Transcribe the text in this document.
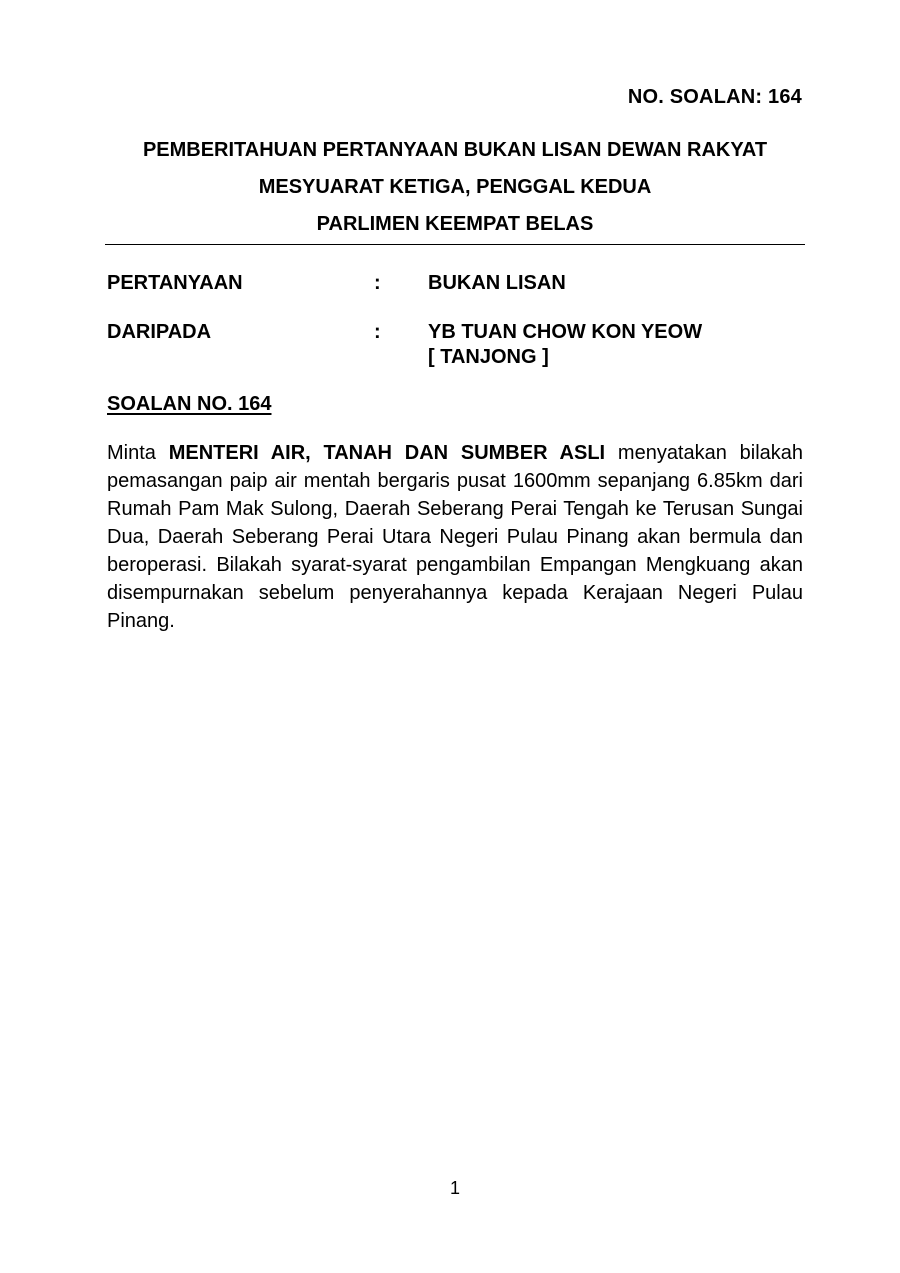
NO. SOALAN: 164
PEMBERITAHUAN PERTANYAAN BUKAN LISAN DEWAN RAKYAT
MESYUARAT KETIGA, PENGGAL KEDUA
PARLIMEN KEEMPAT BELAS
PERTANYAAN	: BUKAN LISAN
DARIPADA	: YB TUAN CHOW KON YEOW
[ TANJONG ]
SOALAN NO. 164
Minta MENTERI AIR, TANAH DAN SUMBER ASLI menyatakan bilakah pemasangan paip air mentah bergaris pusat 1600mm sepanjang 6.85km dari Rumah Pam Mak Sulong, Daerah Seberang Perai Tengah ke Terusan Sungai Dua, Daerah Seberang Perai Utara Negeri Pulau Pinang akan bermula dan beroperasi. Bilakah syarat-syarat pengambilan Empangan Mengkuang akan disempurnakan sebelum penyerahannya kepada Kerajaan Negeri Pulau Pinang.
1
